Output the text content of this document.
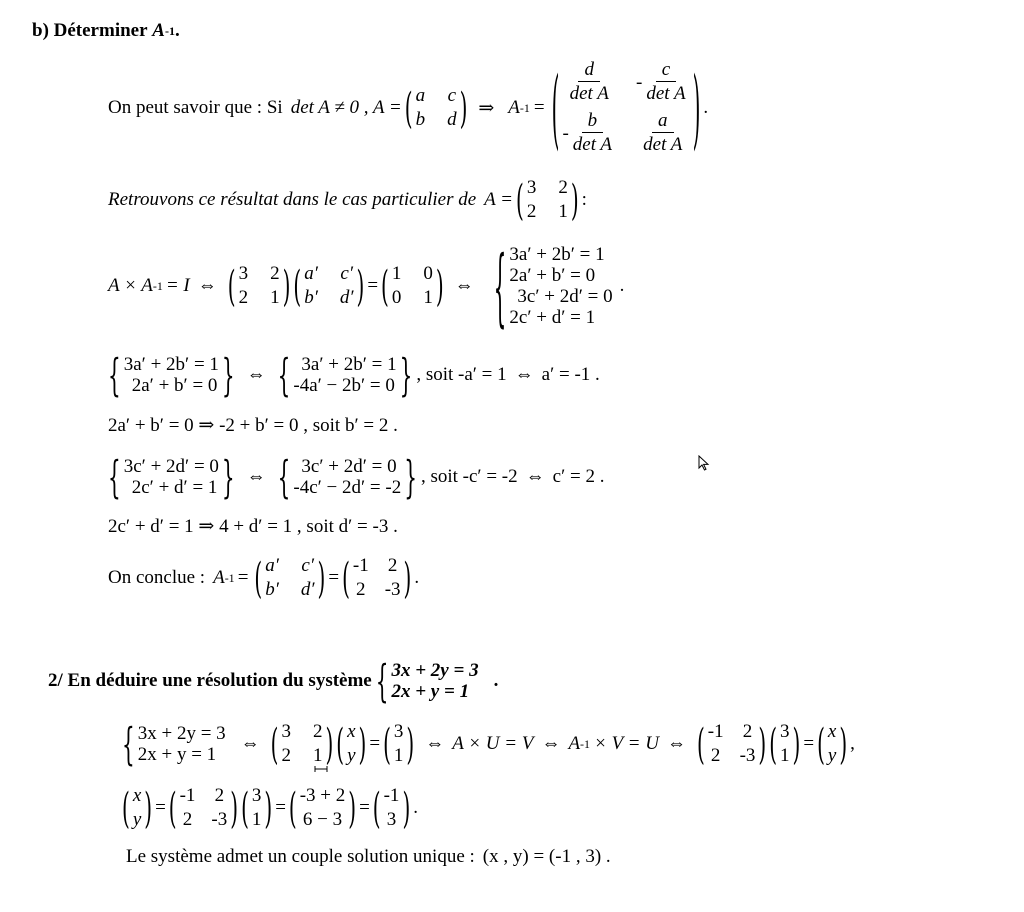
b) Déterminer
A -1 .
On peut savoir que : Si det A ≠ 0 , A = ( a c
b d ) ⇒ A -1 = ( $\frac{d}{\text{det A}} - \frac{c}{\text{det A}}$
- $\frac{b}{\text{det A}} \frac{a}{\text{det A}}$ ) .
Retrouvons ce résultat dans le cas particulier de A = ( 3 2
2 1 ) :
A × A -1 = I ⇔ ( 3 2
2 1 ) ( a′ c′
b′ d′ ) = ( 1 0
0 1 ) ⇔ { 3a′ + 2b′ = 1
2a′ + b′ = 0
3c′ + 2d′ = 0
2c′ + d′ = 1
.
{ 3a′ + 2b′ = 1
2a′ + b′ = 0 } ⇔ { 3a′ + 2b′ = 1
-4a′ − 2b′ = 0 } , soit -a′ = 1 ⇔ a′ = -1 .
2a′ + b′ = 0 ⇒ -2 + b′ = 0 , soit b′ = 2 .
{ 3c′ + 2d′ = 0
2c′ + d′ = 1 } ⇔ { 3c′ + 2d′ = 0
-4c′ − 2d′ = -2 } , soit -c′ = -2 ⇔ c′ = 2 .
2c′ + d′ = 1 ⇒ 4 + d′ = 1 , soit d′ = -3 .
On conclue : A -1 = ( a′ c′
b′ d′ ) = ( -1 2
2 -3 ) .
2/ En déduire une résolution du système { 3x + 2y = 3
2x + y = 1
.
{ 3x + 2y = 3
2x + y = 1
⇔ ( 3 2
2 1 ) ( x
y ) = ( 3
1 ) ⇔ A × U = V ⇔ A -1 × V = U ⇔ ( -1 2
2 -3 ) ( 3
1 ) = ( x
y ) ,
( x
y ) = ( -1 2
2 -3 ) ( 3
1 ) = ( -3 + 2
6 − 3 ) = ( -1
3 ) .
Le système admet un couple solution unique : (x , y) = (-1 , 3) .
